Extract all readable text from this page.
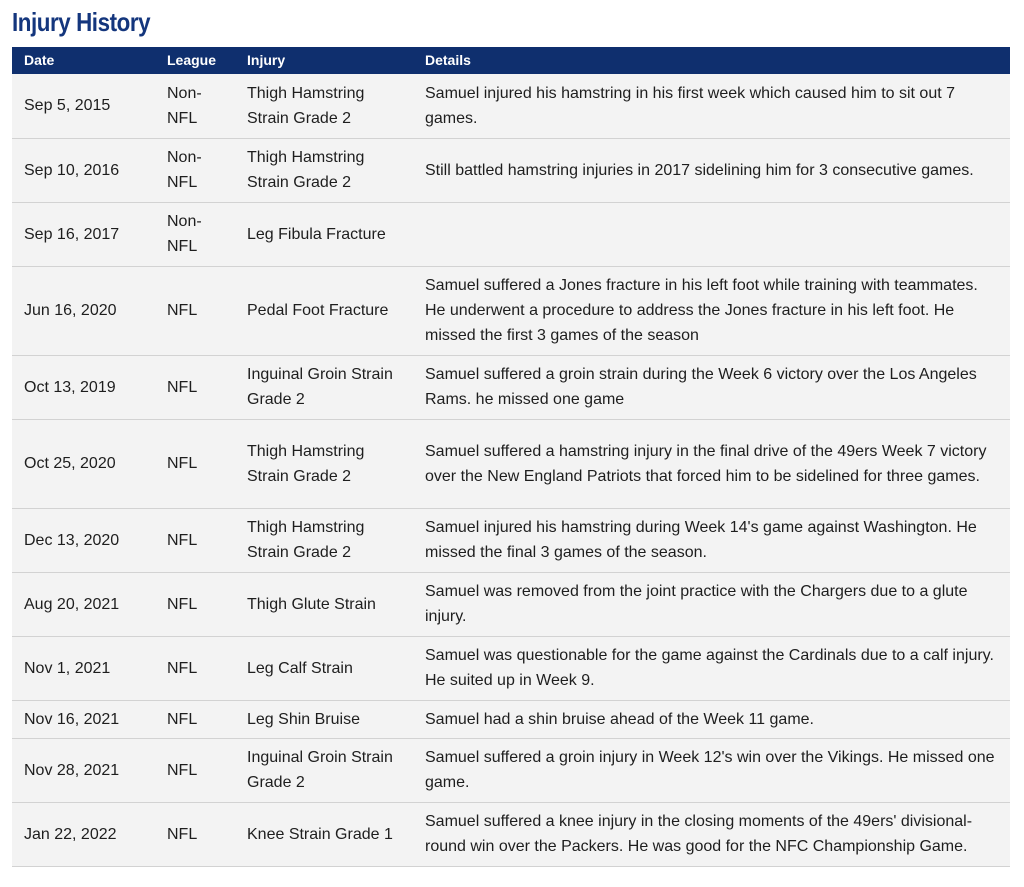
Injury History
Date	League	Injury	Details
Sep 5, 2015	Non-NFL	Thigh Hamstring Strain Grade 2	Samuel injured his hamstring in his first week which caused him to sit out 7 games.
Sep 10, 2016	Non-NFL	Thigh Hamstring Strain Grade 2	Still battled hamstring injuries in 2017 sidelining him for 3 consecutive games.
Sep 16, 2017	Non-NFL	Leg Fibula Fracture	
Jun 16, 2020	NFL	Pedal Foot Fracture	Samuel suffered a Jones fracture in his left foot while training with teammates. He underwent a procedure to address the Jones fracture in his left foot. He missed the first 3 games of the season
Oct 13, 2019	NFL	Inguinal Groin Strain Grade 2	Samuel suffered a groin strain during the Week 6 victory over the Los Angeles Rams. he missed one game
Oct 25, 2020	NFL	Thigh Hamstring Strain Grade 2	Samuel suffered a hamstring injury in the final drive of the 49ers Week 7 victory over the New England Patriots that forced him to be sidelined for three games.
Dec 13, 2020	NFL	Thigh Hamstring Strain Grade 2	Samuel injured his hamstring during Week 14's game against Washington. He missed the final 3 games of the season.
Aug 20, 2021	NFL	Thigh Glute Strain	Samuel was removed from the joint practice with the Chargers due to a glute injury.
Nov 1, 2021	NFL	Leg Calf Strain	Samuel was questionable for the game against the Cardinals due to a calf injury. He suited up in Week 9.
Nov 16, 2021	NFL	Leg Shin Bruise	Samuel had a shin bruise ahead of the Week 11 game.
Nov 28, 2021	NFL	Inguinal Groin Strain Grade 2	Samuel suffered a groin injury in Week 12's win over the Vikings. He missed one game.
Jan 22, 2022	NFL	Knee Strain Grade 1	Samuel suffered a knee injury in the closing moments of the 49ers' divisional-round win over the Packers. He was good for the NFC Championship Game.
